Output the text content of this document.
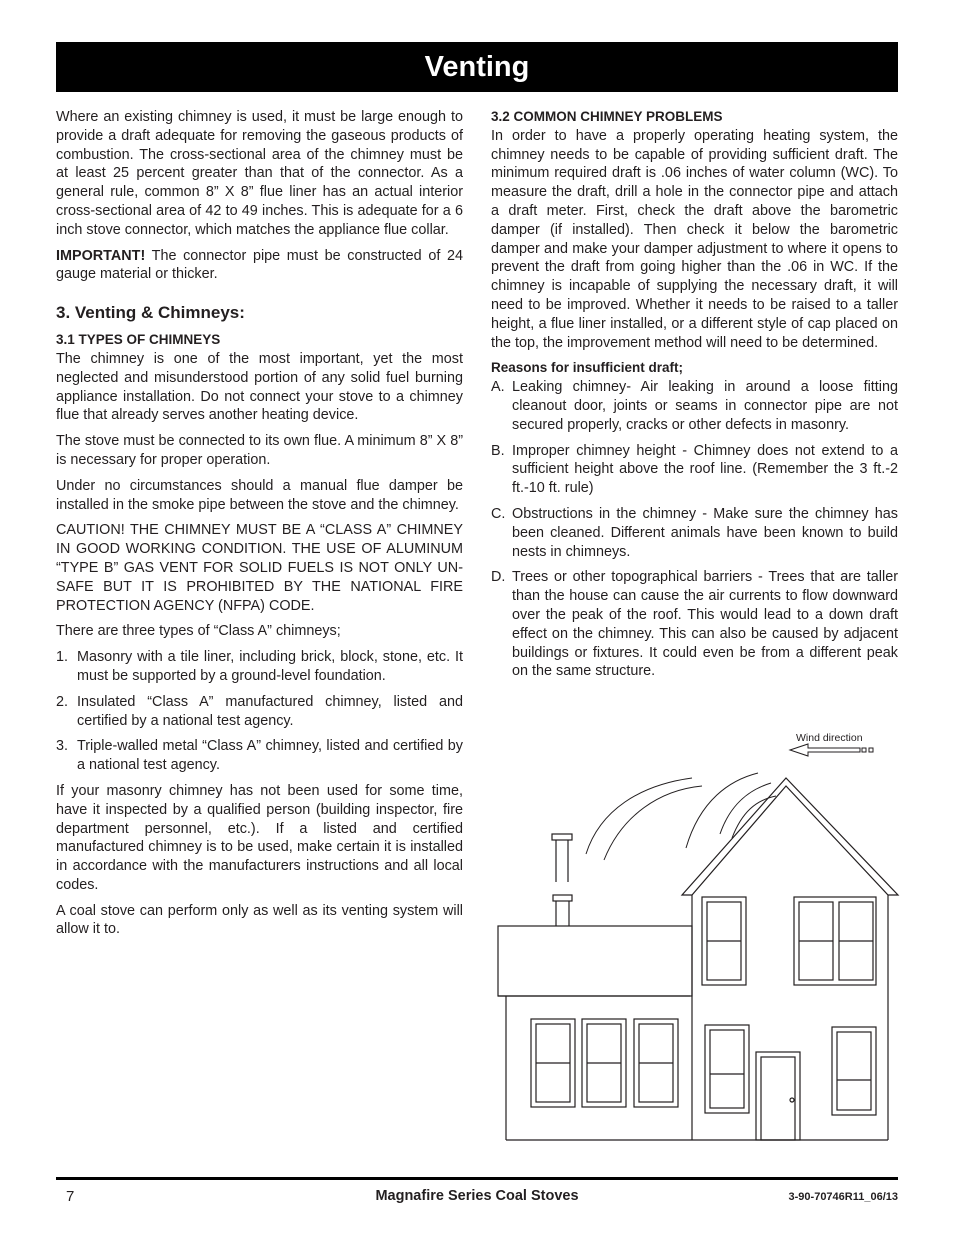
Venting

Where an existing chimney is used, it must be large enough to provide a draft adequate for removing the gaseous products of combustion. The cross-sectional area of the chimney must be at least 25 percent greater than that of the connector. As a general rule, common 8” X 8” flue liner has an actual interior cross-sectional area of 42 to 49 inches. This is adequate for a 6 inch stove connector, which matches the appliance flue collar.

IMPORTANT! The connector pipe must be constructed of 24 gauge material or thicker.

3. Venting & Chimneys:
3.1 TYPES OF CHIMNEYS

The chimney is one of the most important, yet the most neglected and misunderstood portion of any solid fuel burning appliance installation. Do not connect your stove to a chimney flue that already serves another heating device.

The stove must be connected to its own flue. A minimum 8” X 8” is necessary for proper operation.

Under no circumstances should a manual flue damper be installed in the smoke pipe between the stove and the chimney.

CAUTION! THE CHIMNEY MUST BE A “CLASS A” CHIMNEY IN GOOD WORKING CONDITION. THE USE OF ALUMINUM “TYPE B” GAS VENT FOR SOLID FUELS IS NOT ONLY UN-SAFE BUT IT IS PROHIBITED BY THE NATIONAL FIRE PROTECTION AGENCY (NFPA) CODE.

There are three types of “Class A” chimneys;

1. Masonry with a tile liner, including brick, block, stone, etc. It must be supported by a ground-level foundation.
2. Insulated “Class A” manufactured chimney, listed and certified by a national test agency.
3. Triple-walled metal “Class A” chimney, listed and certified by a national test agency.

If your masonry chimney has not been used for some time, have it inspected by a qualified person (building inspector, fire department personnel, etc.). If a listed and certified manufactured chimney is to be used, make certain it is installed in accordance with the manufacturers instructions and all local codes.

A coal stove can perform only as well as its venting system will allow it to.

3.2 COMMON CHIMNEY PROBLEMS

In order to have a properly operating heating system, the chimney needs to be capable of providing sufficient draft. The minimum required draft is .06 inches of water column (WC). To measure the draft, drill a hole in the connector pipe and attach a draft meter. First, check the draft above the barometric damper (if installed). Then check it below the barometric damper and make your damper adjustment to where it opens to prevent the draft from going higher than the .06 in WC. If the chimney is incapable of supplying the necessary draft, it will need to be improved. Whether it needs to be raised to a taller height, a flue liner installed, or a different style of cap placed on the top, the improvement method will need to be determined.

Reasons for insufficient draft;
A. Leaking chimney- Air leaking in around a loose fitting cleanout door, joints or seams in connector pipe are not secured properly, cracks or other defects in masonry.
B. Improper chimney height - Chimney does not extend to a sufficient height above the roof line. (Remember the 3 ft.-2 ft.-10 ft. rule)
C. Obstructions in the chimney - Make sure the chimney has been cleaned. Different animals have been known to build nests in chimneys.
D. Trees or other topographical barriers - Trees that are taller than the house can cause the air currents to flow downward over the peak of the roof. This would lead to a down draft effect on the chimney. This can also be caused by adjacent buildings or fixtures. It could even be from a different peak on the same structure.
Wind direction
7	Magnafire Series Coal Stoves	3-90-70746R11_06/13
